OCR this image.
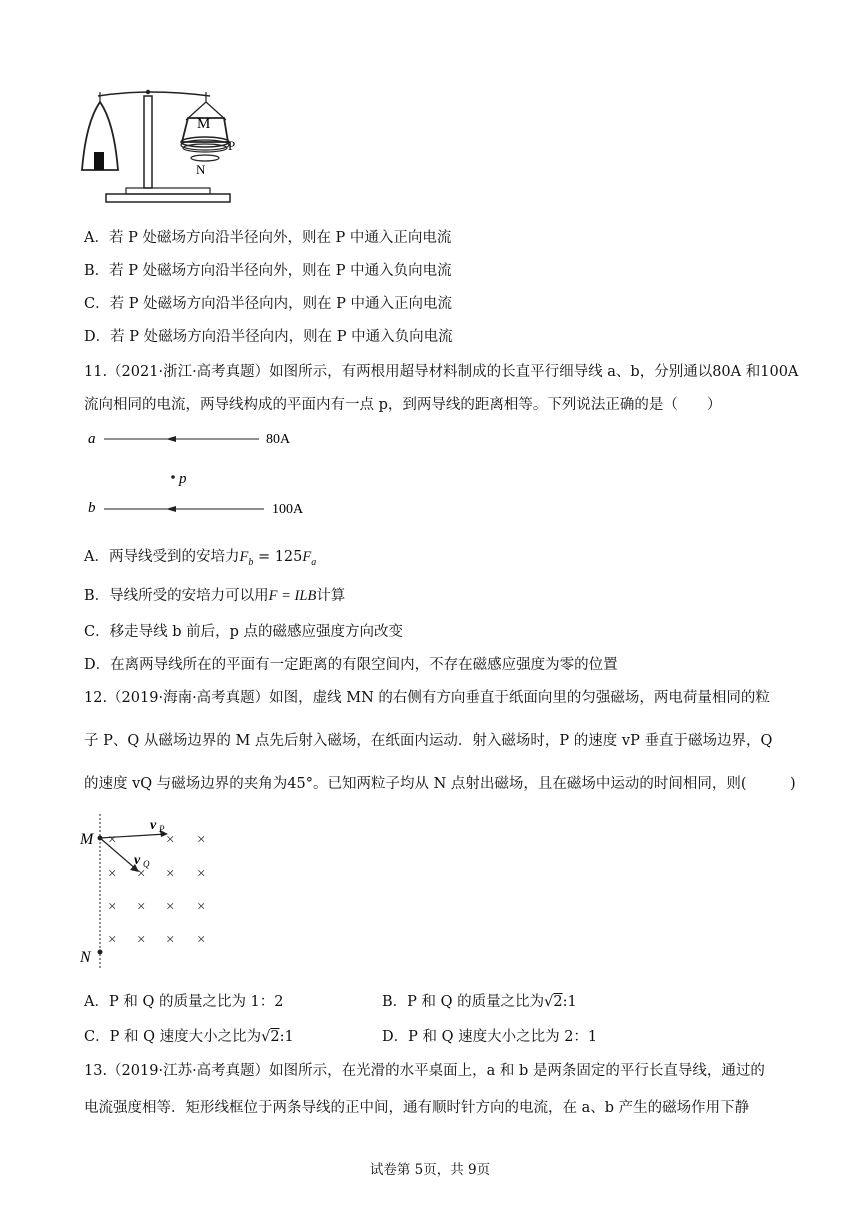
M
P
N
A．若 P 处磁场方向沿半径向外，则在 P 中通入正向电流
B．若 P 处磁场方向沿半径向外，则在 P 中通入负向电流
C．若 P 处磁场方向沿半径向内，则在 P 中通入正向电流
D．若 P 处磁场方向沿半径向内，则在 P 中通入负向电流
11.（2021·浙江·高考真题）如图所示，有两根用超导材料制成的长直平行细导线 a、b，分别通以80A 和100A
流向相同的电流，两导线构成的平面内有一点 p，到两导线的距离相等。下列说法正确的是（　　）
a	80A
p
b	100A
A．两导线受到的安培力$F_b = 125F_a$
B．导线所受的安培力可以用F = ILB计算
C．移走导线 b 前后，p 点的磁感应强度方向改变
D．在离两导线所在的平面有一定距离的有限空间内，不存在磁感应强度为零的位置
12.（2019·海南·高考真题）如图，虚线 MN 的右侧有方向垂直于纸面向里的匀强磁场，两电荷量相同的粒
子 P、Q 从磁场边界的 M 点先后射入磁场，在纸面内运动．射入磁场时，P 的速度 vP 垂直于磁场边界，Q
的速度 vQ 与磁场边界的夹角为45°。已知两粒子均从 N 点射出磁场，且在磁场中运动的时间相同，则(　　　)
M
N
v P
v Q
×	× ×
× × × ×
× × × ×
× × × ×
A．P 和 Q 的质量之比为 1：2	B．P 和 Q 的质量之比为√2:1
C．P 和 Q 速度大小之比为√2:1	D．P 和 Q 速度大小之比为 2：1
13.（2019·江苏·高考真题）如图所示，在光滑的水平桌面上，a 和 b 是两条固定的平行长直导线，通过的
电流强度相等．矩形线框位于两条导线的正中间，通有顺时针方向的电流，在 a、b 产生的磁场作用下静
试卷第 5页，共 9页
